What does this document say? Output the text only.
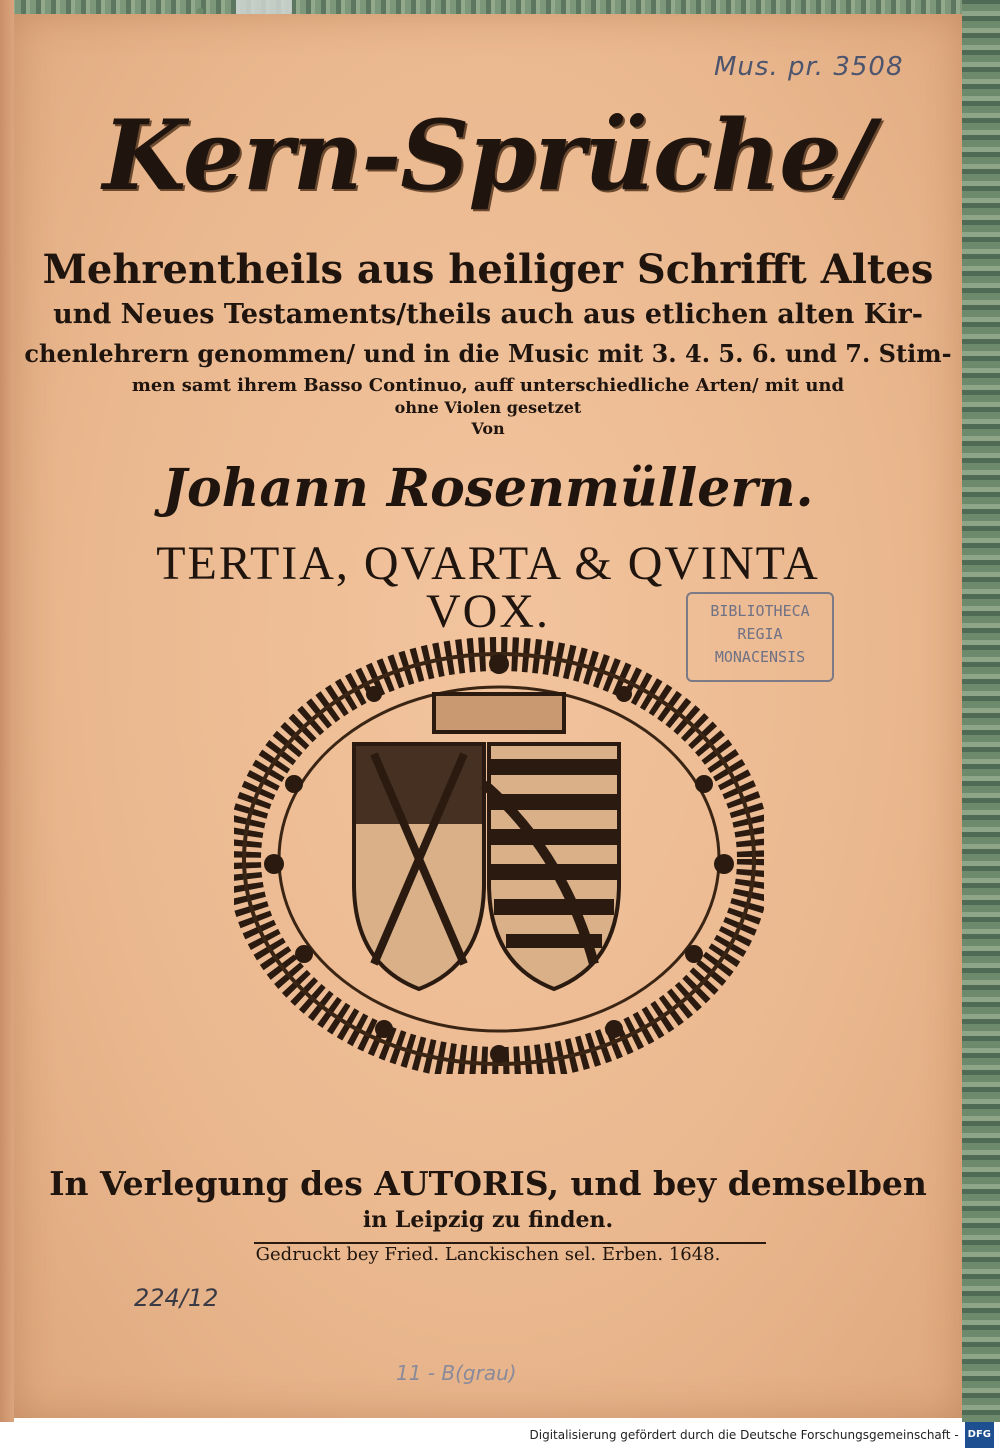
Mus. pr. 3508
Kern-Sprüche/
Mehrentheils aus heiliger Schrifft Altes
und Neues Testaments/theils auch aus etlichen alten Kir-
chenlehrern genommen/ und in die Music mit 3. 4. 5. 6. und 7. Stim-
men samt ihrem Basso Continuo, auff unterschiedliche Arten/ mit und
ohne Violen gesetzet
Von
Johann Rosenmüllern.
TERTIA, QVARTA & QVINTA
VOX.	BIBLIOTHECA
REGIA
MONACENSIS
In Verlegung des AUTORIS, und bey demselben
in Leipzig zu finden.
Gedruckt bey Fried. Lanckischen sel. Erben. 1648.
224/12
11 - B(grau)
Digitalisierung gefördert durch die Deutsche Forschungsgemeinschaft - DFG
